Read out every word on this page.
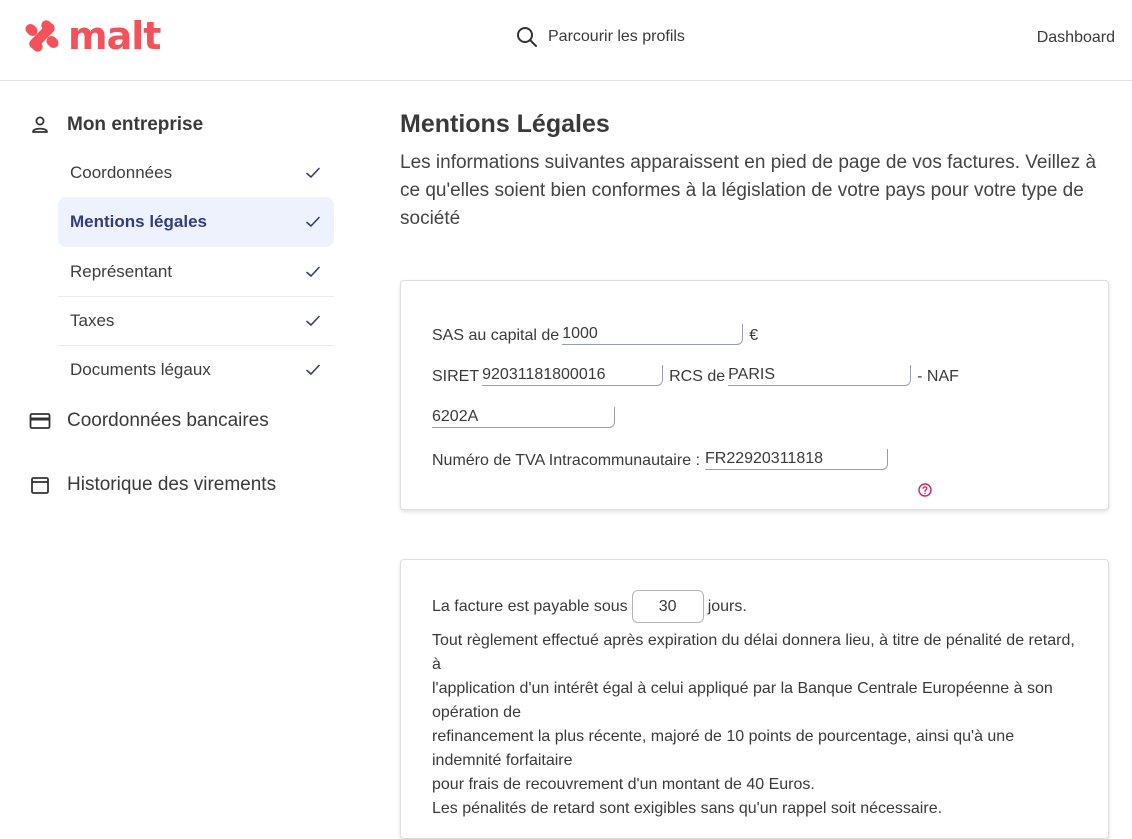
malt	Parcourir les profils	Dashboard
Mon entreprise
Coordonnées
Mentions légales
Représentant
Taxes
Documents légaux
Coordonnées bancaires
Historique des virements
Mentions Légales
Les informations suivantes apparaissent en pied de page de vos factures. Veillez à ce qu'elles soient bien conformes à la législation de votre pays pour votre type de société
SAS au capital de 1000	€
SIRET 92031181800016	RCS de PARIS	- NAF
6202A
Numéro de TVA Intracommunautaire : FR22920311818
La facture est payable sous	30	jours.
Tout règlement effectué après expiration du délai donnera lieu, à titre de pénalité de retard, à
l'application d'un intérêt égal à celui appliqué par la Banque Centrale Européenne à son opération de
refinancement la plus récente, majoré de 10 points de pourcentage, ainsi qu'à une indemnité forfaitaire
pour frais de recouvrement d'un montant de 40 Euros.
Les pénalités de retard sont exigibles sans qu'un rappel soit nécessaire.
